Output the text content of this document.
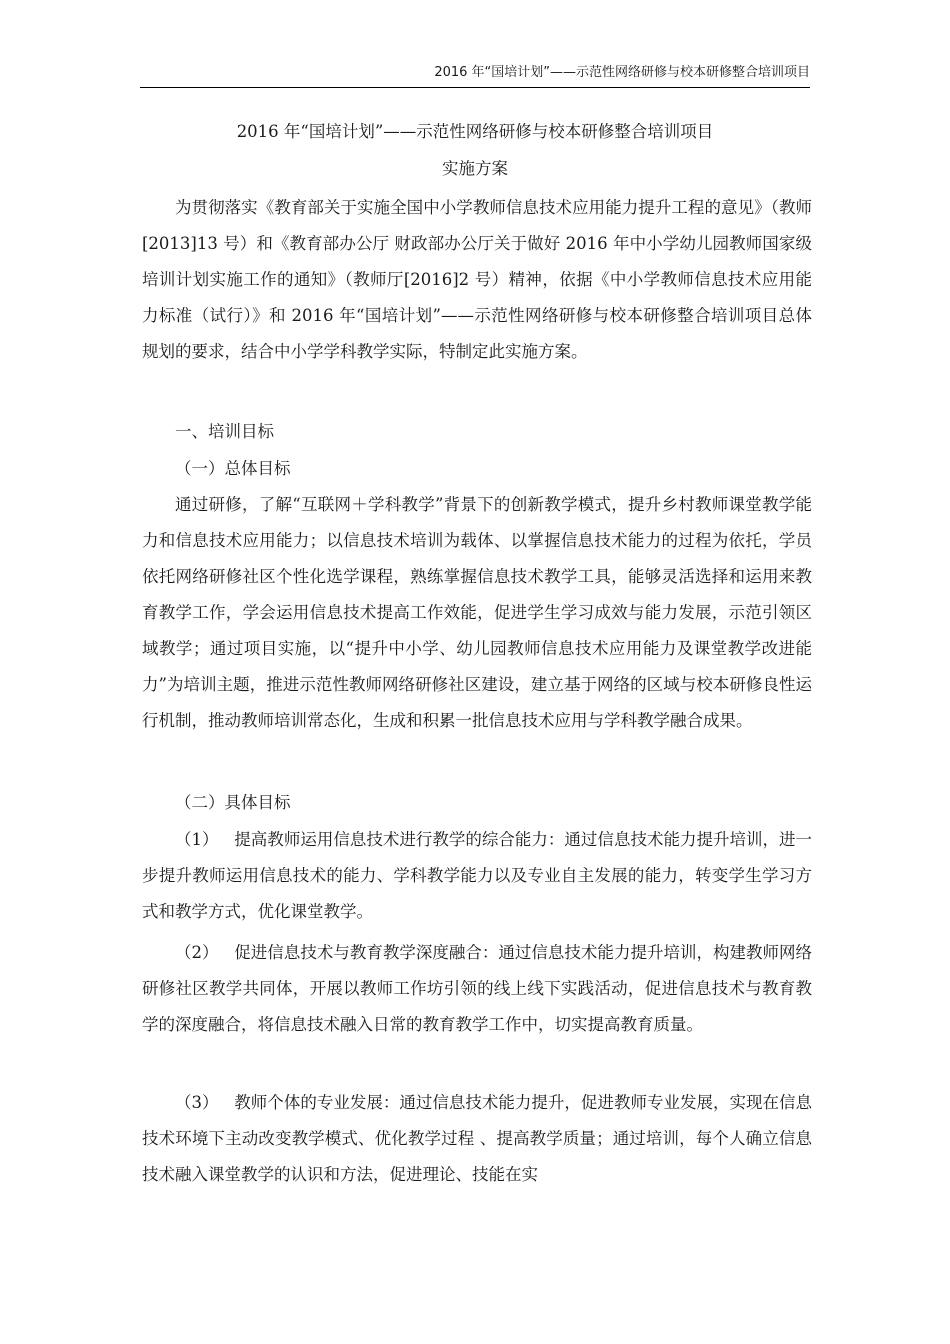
2016 年“国培计划”——示范性网络研修与校本研修整合培训项目
2016 年“国培计划”——示范性网络研修与校本研修整合培训项目
实施方案

为贯彻落实《教育部关于实施全国中小学教师信息技术应用能力提升工程的意见》（教师[2013]13 号）和《教育部办公厅 财政部办公厅关于做好 2016 年中小学幼儿园教师国家级培训计划实施工作的通知》（教师厅[2016]2 号）精神，依据《中小学教师信息技术应用能力标准（试行）》和 2016 年“国培计划”——示范性网络研修与校本研修整合培训项目总体规划的要求，结合中小学学科教学实际，特制定此实施方案。

一、培训目标

（一）总体目标

通过研修，了解“互联网＋学科教学”背景下的创新教学模式，提升乡村教师课堂教学能力和信息技术应用能力；以信息技术培训为载体、以掌握信息技术能力的过程为依托，学员依托网络研修社区个性化选学课程，熟练掌握信息技术教学工具，能够灵活选择和运用来教育教学工作，学会运用信息技术提高工作效能，促进学生学习成效与能力发展，示范引领区域教学；通过项目实施，以“提升中小学、幼儿园教师信息技术应用能力及课堂教学改进能力”为培训主题，推进示范性教师网络研修社区建设，建立基于网络的区域与校本研修良性运行机制，推动教师培训常态化，生成和积累一批信息技术应用与学科教学融合成果。

（二）具体目标

（1） 提高教师运用信息技术进行教学的综合能力：通过信息技术能力提升培训，进一步提升教师运用信息技术的能力、学科教学能力以及专业自主发展的能力，转变学生学习方式和教学方式，优化课堂教学。

（2） 促进信息技术与教育教学深度融合：通过信息技术能力提升培训，构建教师网络研修社区教学共同体，开展以教师工作坊引领的线上线下实践活动，促进信息技术与教育教学的深度融合，将信息技术融入日常的教育教学工作中，切实提高教育质量。

（3） 教师个体的专业发展：通过信息技术能力提升，促进教师专业发展，实现在信息技术环境下主动改变教学模式、优化教学过程 、提高教学质量；通过培训，每个人确立信息技术融入课堂教学的认识和方法，促进理论、技能在实
